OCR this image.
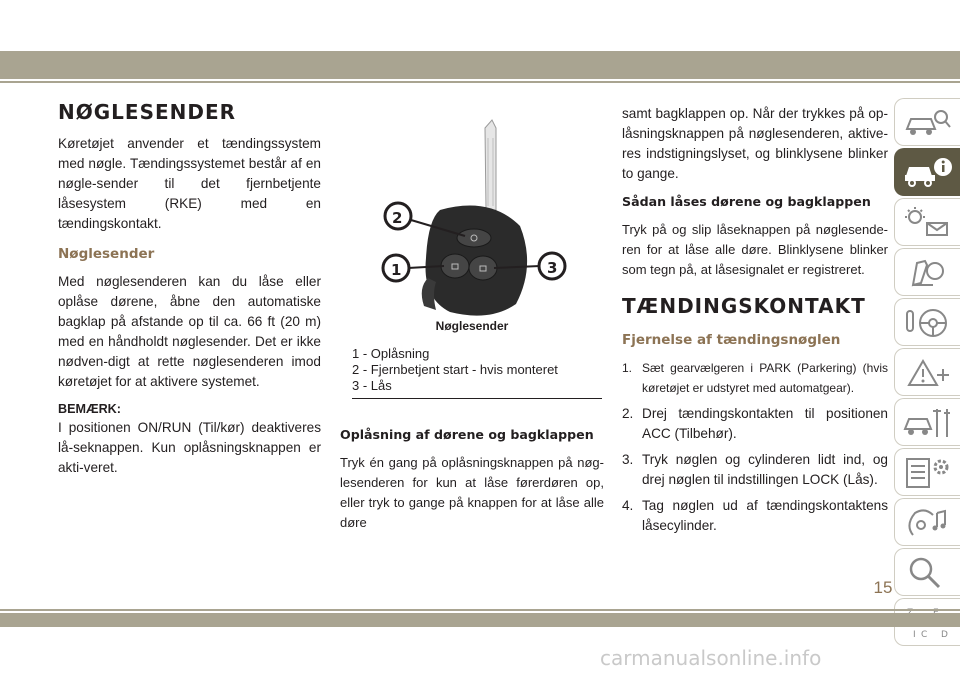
NØGLESENDER

Køretøjet anvender et tændingssystem med nøgle. Tændingssystemet består af en nøgle-sender til det fjernbetjente låsesystem (RKE) med en tændingskontakt.

Nøglesender

Med nøglesenderen kan du låse eller oplåse dørene, åbne den automatiske bagklap på afstande op til ca. 66 ft (20 m) med en håndholdt nøglesender. Det er ikke nødven-digt at rette nøglesenderen imod køretøjet for at aktivere systemet.

BEMÆRK:

I positionen ON/RUN (Til/kør) deaktiveres lå-seknappen. Kun oplåsningsknappen er akti-veret.

2
1	3
Nøglesender
1 - Oplåsning
2 - Fjernbetjent start - hvis monteret
3 - Lås
Oplåsning af dørene og bagklappen

Tryk én gang på oplåsningsknappen på nøg-lesenderen for kun at låse førerdøren op, eller tryk to gange på knappen for at låse alle døre

samt bagklappen op. Når der trykkes på op-låsningsknappen på nøglesenderen, aktive-res indstigningslyset, og blinklysene blinker to gange.

Sådan låses dørene og bagklappen

Tryk på og slip låseknappen på nøglesende-ren for at låse alle døre. Blinklysene blinker som tegn på, at låsesignalet er registreret.

TÆNDINGSKONTAKT
Fjernelse af tændingsnøglen
1. Sæt gearvælgeren i PARK (Parkering) (hvis køretøjet er udstyret med automatgear).
2. Drej tændingskontakten til positionen ACC (Tilbehør).
3. Tryk nøglen og cylinderen lidt ind, og drej nøglen til indstillingen LOCK (Lås).
4. Tag nøglen ud af tændingskontaktens låsecylinder.
I C D
15
carmanualsonline.info
